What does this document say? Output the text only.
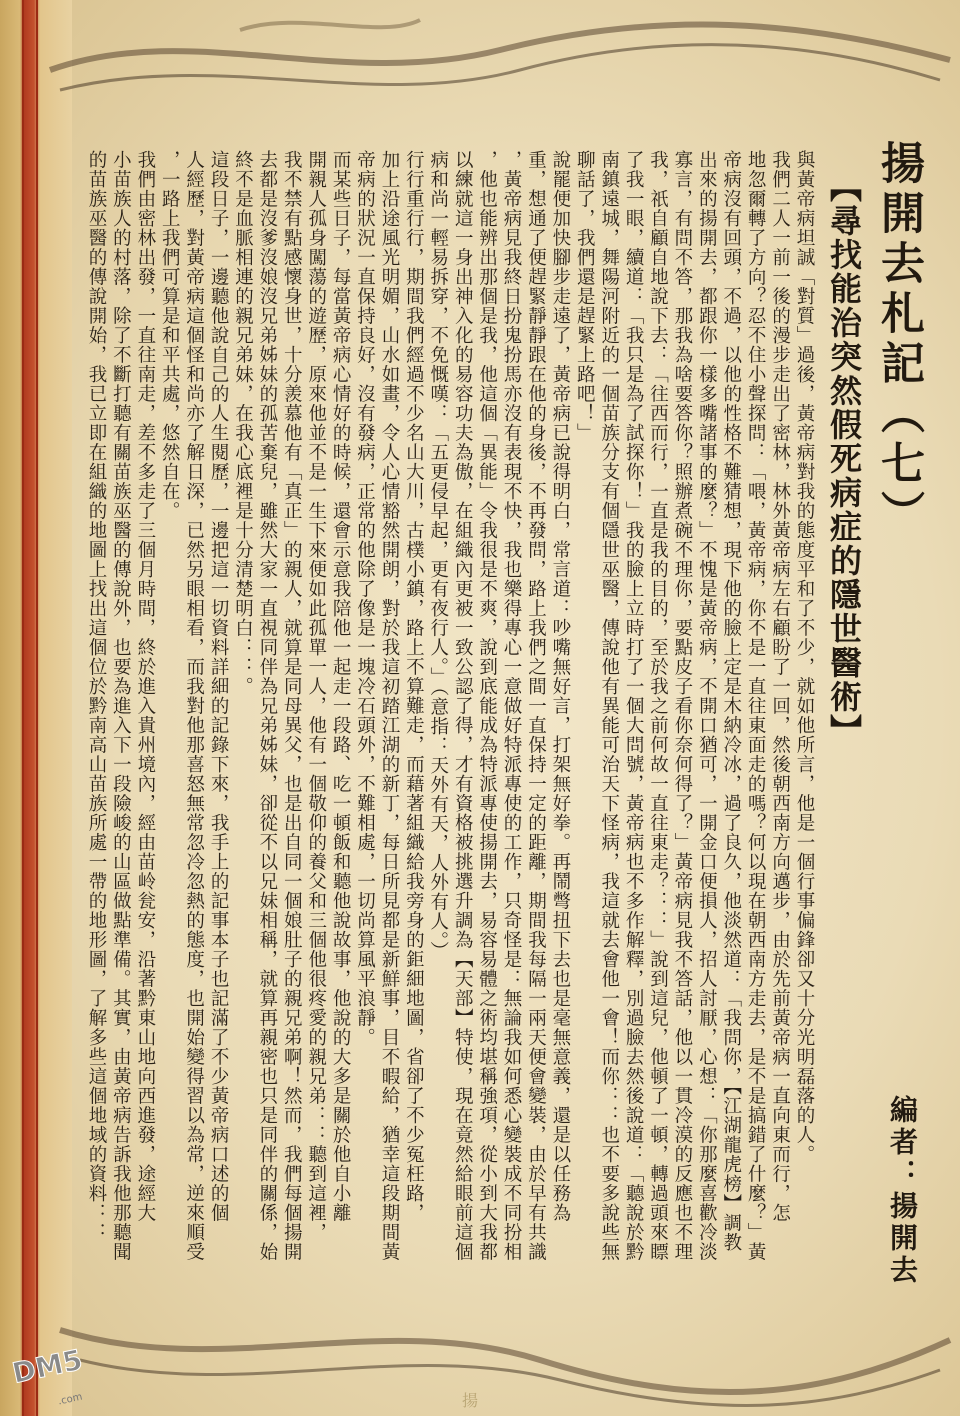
揚開去札記（七）
【尋找能治突然假死病症的隱世醫術】
編者：揚開去
與黃帝病坦誠「對質」過後，黃帝病對我的態度平和了不少，就如他所言，他是一個行事偏鋒卻又十分光明磊落的人。
我們二人一前一後的漫步走出了密林，林外黃帝病左右顧盼了一回，然後朝西南方向邁步，由於先前黃帝病一直向東而行，怎
地忽爾轉了方向？忍不住小聲探問：「喂，黃帝病，你不是一直往東面走的嗎？何以現在朝西南方走去，是不是搞錯了什麼？」黃
帝病沒有回頭，不過，以他的性格不難猜想，現下他的臉上定是木納冷冰，過了良久，他淡然道：「我問你，【江湖龍虎榜】調教
出來的揚開去，都跟你一樣多嘴諸事的麼？」不愧是黃帝病，不開口猶可，一開金口便損人，招人討厭，心想：「你那麼喜歡冷淡
寡言，有問不答，那我為啥要答你？照辦煮碗不理你，要點皮子看你奈何得了？」黃帝病見我不答話，他以一貫冷漠的反應也不理
我，祇自顧自地說下去：「往西而行，一直是我的目的，至於我之前何故一直往東走？：：」說到這兒，他頓了一頓，轉過頭來瞟
了我一眼，續道：「我只是為了試探你！」我的臉上立時打了一個大問號，黃帝病也不多作解釋，別過臉去然後說道：「聽說於黔
南鎮遠城，舞陽河附近的一個苗族分支有個隱世巫醫，傳說他有異能可治天下怪病，我這就去會他一會！而你：：也不要多說些無
聊話了，我們還是趕緊上路吧！」
說罷便加快腳步走遠了，黃帝病已說得明白，常言道：吵嘴無好言，打架無好拳。再鬧彆扭下去也是毫無意義，還是以任務為
重，想通了便趕緊靜靜跟在他的身後，不再發問，路上我們之間一直保持一定的距離，期間我每隔一兩天便會變裝，由於早有共識
，黃帝病見我終日扮鬼扮馬亦沒有表現不快，我也樂得專心一意做好特派專使的工作，只奇怪是：無論我如何悉心變裝成不同扮相
，他也能辨出那個是我，他這個「異能」令我很是不爽，說到底能成為特派專使揚開去，易容易體之術均堪稱強項，從小到大我都
以練就這一身出神入化的易容功夫為傲，在組織內更被一致公認了得，才有資格被挑選升調為【天部】特使，現在竟然給眼前這個
病和尚一輕易拆穿，不免慨嘆：「五更侵早起，更有夜行人。」（意指：天外有天，人外有人。）
行行重行行，期間我們經過不少名山大川，古樸小鎮，路上不算難走，而藉著組織給我旁身的鉅細地圖，省卻了不少冤枉路，
加上沿途風光明媚，山水如畫，令人心情豁然開朗，對於我這初踏江湖的新丁，每日所見都是新鮮事，目不暇給，猶幸這段期間黃
帝病的狀況一直保持良好，沒有發病，正常的他除了像是一塊冷石頭外，不難相處，一切尚算風平浪靜。
而某些日子，每當黃帝病心情好的時候，還會示意我陪他一起走一段路、吃一頓飯和聽他說故事，他說的大多是關於他自小離
開親人孤身闖蕩的遊歷，原來他並不是一生下來便如此孤單一人，他有一個敬仰的養父和三個他很疼愛的親兄弟：：聽到這裡，
我不禁有點感懷身世，十分羨慕他有「真正」的親人，就算是同母異父，也是出自同一個娘肚子的親兄弟啊！然而，我們每個揚開
去都是沒爹沒娘沒兄弟姊妹的孤苦棄兒，雖然大家一直視同伴為兄弟姊妹，卻從不以兄妹相稱，就算再親密也只是同伴的關係，始
終不是血脈相連的親兄弟妹，在我心底裡是十分清楚明白：：。
這段日子，一邊聽他說自己的人生閱歷，一邊把這一切資料詳細的記錄下來，我手上的記事本子也記滿了不少黃帝病口述的個
人經歷，對黃帝病這個怪和尚亦了解日深，已然另眼相看，而我對他那喜怒無常忽冷忽熱的態度，也開始變得習以為常，逆來順受
，一路上我們可算是和平共處，悠然自在。
我們由密林出發，一直往南走，差不多走了三個月時間，終於進入貴州境內，經由苗岭瓮安，沿著黔東山地向西進發，途經大
小苗族人的村落，除了不斷打聽有關苗族巫醫的傳說外，也要為進入下一段險峻的山區做點準備。其實，由黃帝病告訴我他那聽聞
的苗族巫醫的傳說開始，我已立即在組織的地圖上找出這個位於黔南高山苗族所處一帶的地形圖，了解多些這個地域的資料：：
DM5
.com	揚
